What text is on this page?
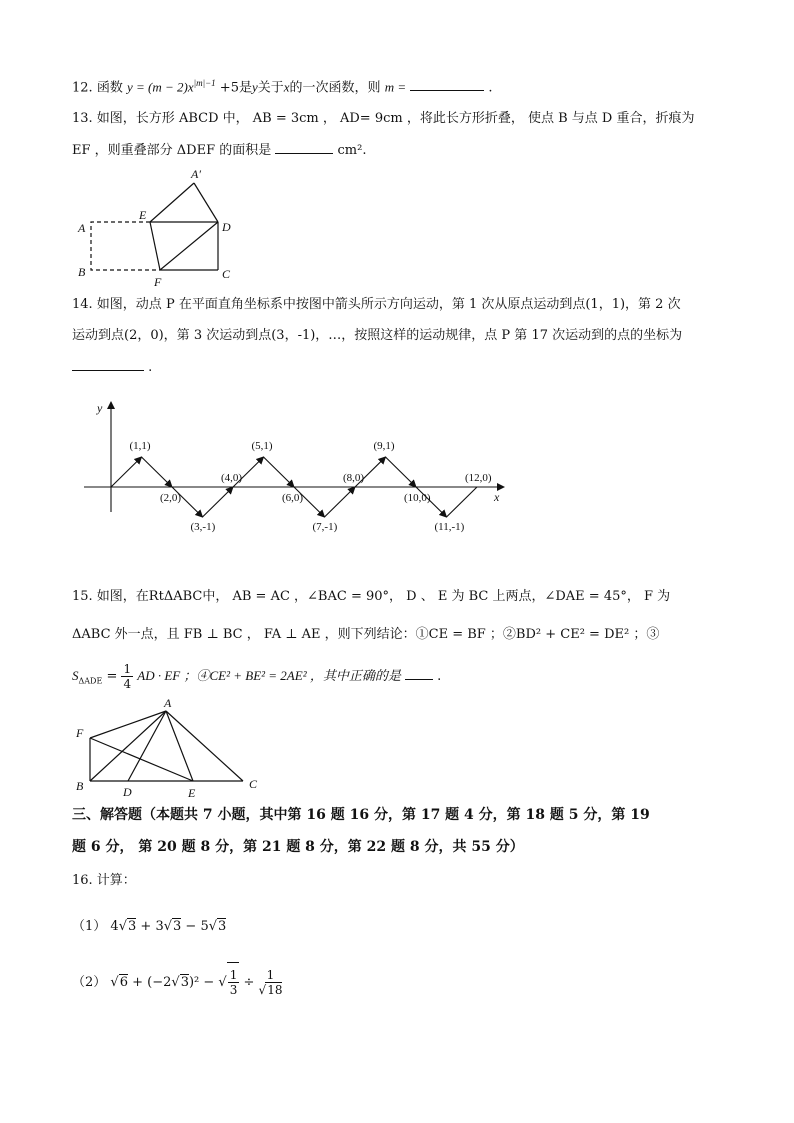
12. 函数 $y = (m - 2)x^{|m|-1} +5$是y关于x的一次函数，则 m =	.
13. 如图，长方形 ABCD 中， AB = 3cm ， AD= 9cm ，将此长方形折叠， 使点 B 与点 D 重合，折痕为
EF ，则重叠部分 ΔDEF 的面积是	cm².
A′
E
A	D
B	C
F
14. 如图，动点 P 在平面直角坐标系中按图中箭头所示方向运动，第 1 次从原点运动到点(1，1)，第 2 次
运动到点(2，0)，第 3 次运动到点(3，-1)，…，按照这样的运动规律，点 P 第 17 次运动到的点的坐标为
.
x
y
(1,1)
(2,0)
(3,-1)
(4,0)
(5,1)
(6,0)
(7,-1)
(8,0)
(9,1)
(10,0)
(11,-1)
(12,0)
15. 如图，在RtΔABC中， AB = AC ，∠BAC = 90°， D 、 E 为 BC 上两点，∠DAE = 45°， F 为
ΔABC 外一点，且 FB ⊥ BC ， FA ⊥ AE ，则下列结论：①CE = BF ；②BD² + CE² = DE² ；③
$S_{\Delta ADE} = \frac{1}{4}$ AD · EF ；④CE² + BE² = 2AE² ，其中正确的是	.
A
F
B	D	E
C
三、解答题（本题共 7 小题，其中第 16 题 16 分，第 17 题 4 分，第 18 题 5 分，第 19
题 6 分， 第 20 题 8 分，第 21 题 8 分，第 22 题 8 分，共 55 分）
16. 计算：
（1） 4√3 + 3√3 − 5√3
（2） √6 + (−2√3)² − √ $\frac{1}{3} \div \frac{1}{√18}$
